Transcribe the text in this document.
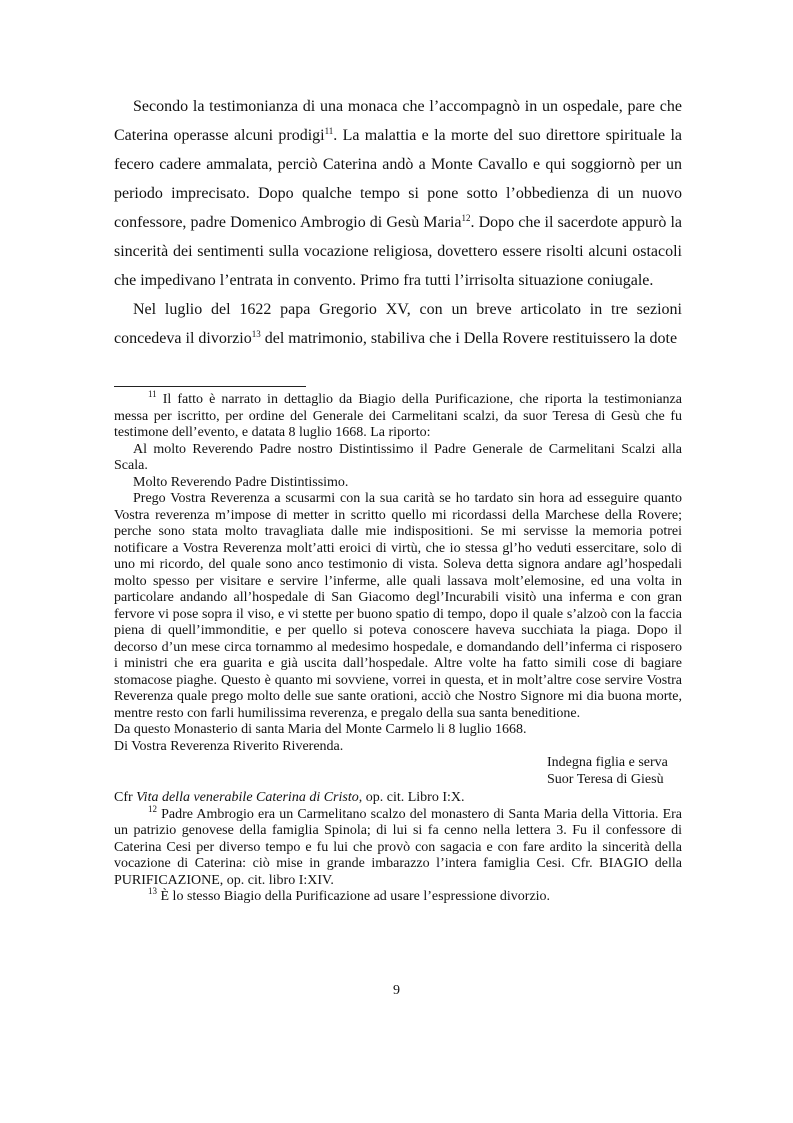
Secondo la testimonianza di una monaca che l’accompagnò in un ospedale, pare che Caterina operasse alcuni prodigi$^{11}$. La malattia e la morte del suo direttore spirituale la fecero cadere ammalata, perciò Caterina andò a Monte Cavallo e qui soggiornò per un periodo imprecisato. Dopo qualche tempo si pone sotto l’obbedienza di un nuovo confessore, padre Domenico Ambrogio di Gesù Maria$^{12}$. Dopo che il sacerdote appurò la sincerità dei sentimenti sulla vocazione religiosa, dovettero essere risolti alcuni ostacoli che impedivano l’entrata in convento. Primo fra tutti l’irrisolta situazione coniugale.

Nel luglio del 1622 papa Gregorio XV, con un breve articolato in tre sezioni concedeva il divorzio$^{13}$ del matrimonio, stabiliva che i Della Rovere restituissero la dote

$^{11}$ Il fatto è narrato in dettaglio da Biagio della Purificazione, che riporta la testimonianza messa per iscritto, per ordine del Generale dei Carmelitani scalzi, da suor Teresa di Gesù che fu testimone dell’evento, e datata 8 luglio 1668. La riporto:

Al molto Reverendo Padre nostro Distintissimo il Padre Generale de Carmelitani Scalzi alla Scala.

Molto Reverendo Padre Distintissimo.

Prego Vostra Reverenza a scusarmi con la sua carità se ho tardato sin hora ad esseguire quanto Vostra reverenza m’impose di metter in scritto quello mi ricordassi della Marchese della Rovere; perche sono stata molto travagliata dalle mie indispositioni. Se mi servisse la memoria potrei notificare a Vostra Reverenza molt’atti eroici di virtù, che io stessa gl’ho veduti essercitare, solo di uno mi ricordo, del quale sono anco testimonio di vista. Soleva detta signora andare agl’hospedali molto spesso per visitare e servire l’inferme, alle quali lassava molt’elemosine, ed una volta in particolare andando all’hospedale di San Giacomo degl’Incurabili visitò una inferma e con gran fervore vi pose sopra il viso, e vi stette per buono spatio di tempo, dopo il quale s’alzoò con la faccia piena di quell’immonditie, e per quello si poteva conoscere haveva succhiata la piaga. Dopo il decorso d’un mese circa tornammo al medesimo hospedale, e domandando dell’inferma ci risposero i ministri che era guarita e già uscita dall’hospedale. Altre volte ha fatto simili cose di bagiare stomacose piaghe. Questo è quanto mi sovviene, vorrei in questa, et in molt’altre cose servire Vostra Reverenza quale prego molto delle sue sante orationi, acciò che Nostro Signore mi dia buona morte, mentre resto con farli humilissima reverenza, e pregalo della sua santa beneditione.

Da questo Monasterio di santa Maria del Monte Carmelo li 8 luglio 1668.

Di Vostra Reverenza Riverito Riverenda.

Indegna figlia e serva

Suor Teresa di Giesù

Cfr Vita della venerabile Caterina di Cristo, op. cit. Libro I:X.

$^{12}$ Padre Ambrogio era un Carmelitano scalzo del monastero di Santa Maria della Vittoria. Era un patrizio genovese della famiglia Spinola; di lui si fa cenno nella lettera 3. Fu il confessore di Caterina Cesi per diverso tempo e fu lui che provò con sagacia e con fare ardito la sincerità della vocazione di Caterina: ciò mise in grande imbarazzo l’intera famiglia Cesi. Cfr. BIAGIO della PURIFICAZIONE, op. cit. libro I:XIV.

$^{13}$ È lo stesso Biagio della Purificazione ad usare l’espressione divorzio.

9
